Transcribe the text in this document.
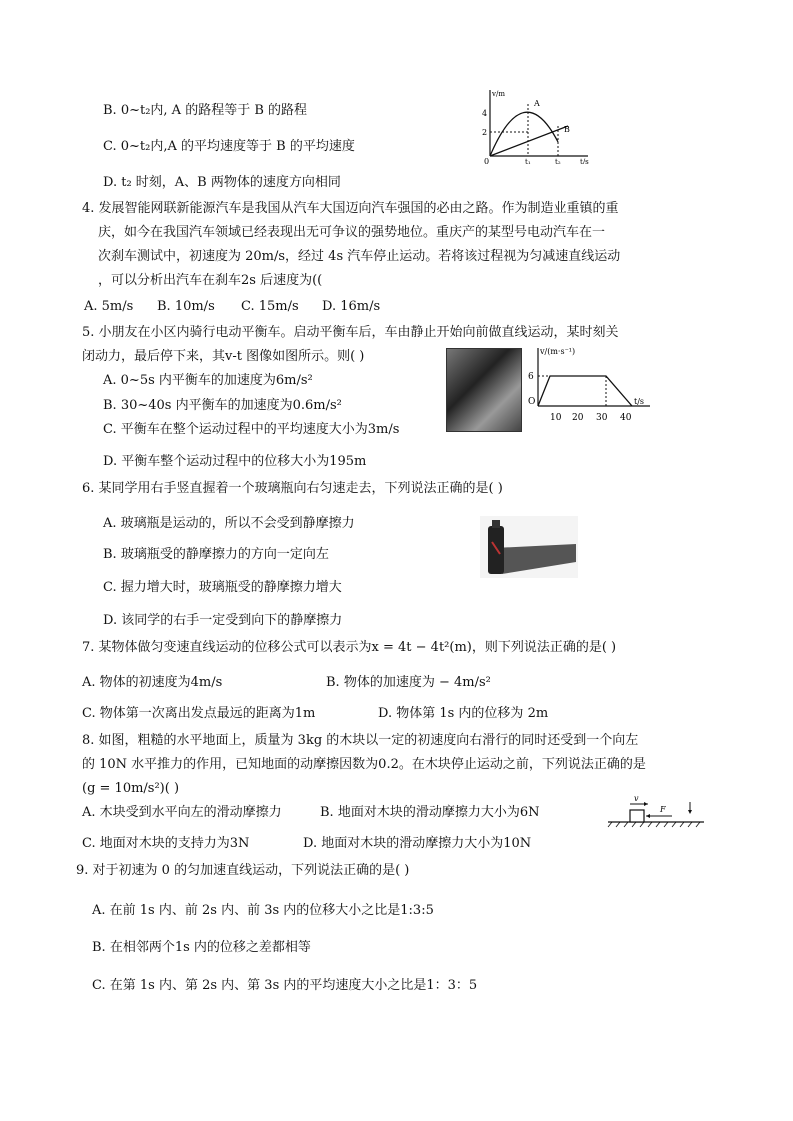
B. 0~t₂内, A 的路程等于 B 的路程
C. 0~t₂内,A 的平均速度等于 B 的平均速度
D. t₂ 时刻，A、B 两物体的速度方向相同
v/m
t/s
4
2
0	t₁	t₂
A
B
4. 发展智能网联新能源汽车是我国从汽车大国迈向汽车强国的必由之路。作为制造业重镇的重
庆，如今在我国汽车领域已经表现出无可争议的强势地位。重庆产的某型号电动汽车在一
次刹车测试中，初速度为 20m/s，经过 4s 汽车停止运动。若将该过程视为匀减速直线运动
，可以分析出汽车在刹车2s 后速度为((
A. 5m/s B. 10m/s C. 15m/s D. 16m/s
5. 小朋友在小区内骑行电动平衡车。启动平衡车后，车由静止开始向前做直线运动，某时刻关
闭动力，最后停下来，其v-t 图像如图所示。则( )
A. 0~5s 内平衡车的加速度为6m/s²
B. 30~40s 内平衡车的加速度为0.6m/s²
C. 平衡车在整个运动过程中的平均速度大小为3m/s
D. 平衡车整个运动过程中的位移大小为195m
v/(m·s⁻¹)
t/s
6
O
10 20 30 40
6. 某同学用右手竖直握着一个玻璃瓶向右匀速走去，下列说法正确的是( )
A. 玻璃瓶是运动的，所以不会受到静摩擦力
B. 玻璃瓶受的静摩擦力的方向一定向左
C. 握力增大时，玻璃瓶受的静摩擦力增大
D. 该同学的右手一定受到向下的静摩擦力
7. 某物体做匀变速直线运动的位移公式可以表示为x = 4t − 4t²(m)，则下列说法正确的是( )
A. 物体的初速度为4m/s	B. 物体的加速度为 − 4m/s²
C. 物体第一次离出发点最远的距离为1m	D. 物体第 1s 内的位移为 2m
8. 如图，粗糙的水平地面上，质量为 3kg 的木块以一定的初速度向右滑行的同时还受到一个向左
的 10N 水平推力的作用，已知地面的动摩擦因数为0.2。在木块停止运动之前，下列说法正确的是
(g = 10m/s²)( )
A. 木块受到水平向左的滑动摩擦力	B. 地面对木块的滑动摩擦力大小为6N
C. 地面对木块的支持力为3N	D. 地面对木块的滑动摩擦力大小为10N
v
F
9. 对于初速为 0 的匀加速直线运动，下列说法正确的是( )
A. 在前 1s 内、前 2s 内、前 3s 内的位移大小之比是1:3:5
B. 在相邻两个1s 内的位移之差都相等
C. 在第 1s 内、第 2s 内、第 3s 内的平均速度大小之比是1：3：5
